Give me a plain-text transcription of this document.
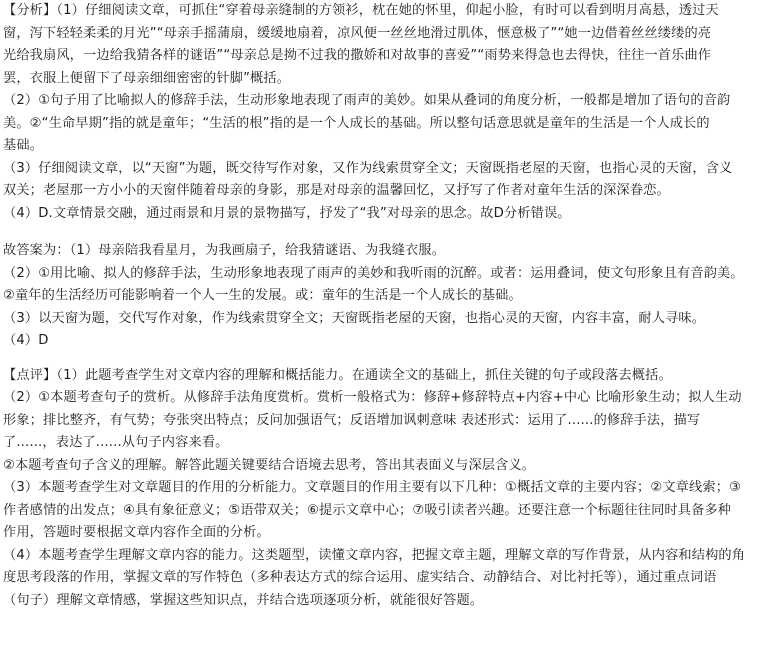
【分析】（1）仔细阅读文章，可抓住“穿着母亲缝制的方领衫，枕在她的怀里，仰起小脸，有时可以看到明月高悬，透过天
窗，泻下轻轻柔柔的月光”“母亲手摇蒲扇，缓缓地扇着，凉风便一丝丝地滑过肌体，惬意极了”“她一边借着丝丝缕缕的亮
光给我扇风，一边给我猜各样的谜语”“母亲总是拗不过我的撒娇和对故事的喜爱”“雨势来得急也去得快，往往一首乐曲作
罢，衣服上便留下了母亲细细密密的针脚”概括。
（2）①句子用了比喻拟人的修辞手法，生动形象地表现了雨声的美妙。如果从叠词的角度分析，一般都是增加了语句的音韵
美。②“生命早期”指的就是童年；“生活的根”指的是一个人成长的基础。所以整句话意思就是童年的生活是一个人成长的
基础。
（3）仔细阅读文章，以“天窗”为题，既交待写作对象，又作为线索贯穿全文；天窗既指老屋的天窗，也指心灵的天窗，含义
双关；老屋那一方小小的天窗伴随着母亲的身影，那是对母亲的温馨回忆，又抒写了作者对童年生活的深深眷恋。
（4）D.文章情景交融，通过雨景和月景的景物描写，抒发了“我”对母亲的思念。故D分析错误。
故答案为：（1）母亲陪我看星月，为我画扇子，给我猜谜语、为我缝衣服。
（2）①用比喻、拟人的修辞手法，生动形象地表现了雨声的美妙和我听雨的沉醉。或者：运用叠词，使文句形象且有音韵美。
②童年的生活经历可能影响着一个人一生的发展。或：童年的生活是一个人成长的基础。
（3）以天窗为题，交代写作对象，作为线索贯穿全文；天窗既指老屋的天窗，也指心灵的天窗，内容丰富，耐人寻味。
（4）D
【点评】（1）此题考查学生对文章内容的理解和概括能力。在通读全文的基础上，抓住关键的句子或段落去概括。
（2）①本题考查句子的赏析。从修辞手法角度赏析。赏析一般格式为：修辞+修辞特点+内容+中心 比喻形象生动；拟人生动
形象；排比整齐，有气势；夸张突出特点；反问加强语气；反语增加讽刺意味 表述形式：运用了......的修辞手法，描写
了......，表达了......从句子内容来看。
②本题考查句子含义的理解。解答此题关键要结合语境去思考，答出其表面义与深层含义。
（3）本题考查学生对文章题目的作用的分析能力。文章题目的作用主要有以下几种：①概括文章的主要内容；②文章线索；③
作者感情的出发点；④具有象征意义；⑤语带双关；⑥提示文章中心；⑦吸引读者兴趣。还要注意一个标题往往同时具备多种
作用，答题时要根据文章内容作全面的分析。
（4）本题考查学生理解文章内容的能力。这类题型，读懂文章内容，把握文章主题，理解文章的写作背景，从内容和结构的角
度思考段落的作用，掌握文章的写作特色（多种表达方式的综合运用、虚实结合、动静结合、对比衬托等），通过重点词语
（句子）理解文章情感，掌握这些知识点，并结合选项逐项分析，就能很好答题。
